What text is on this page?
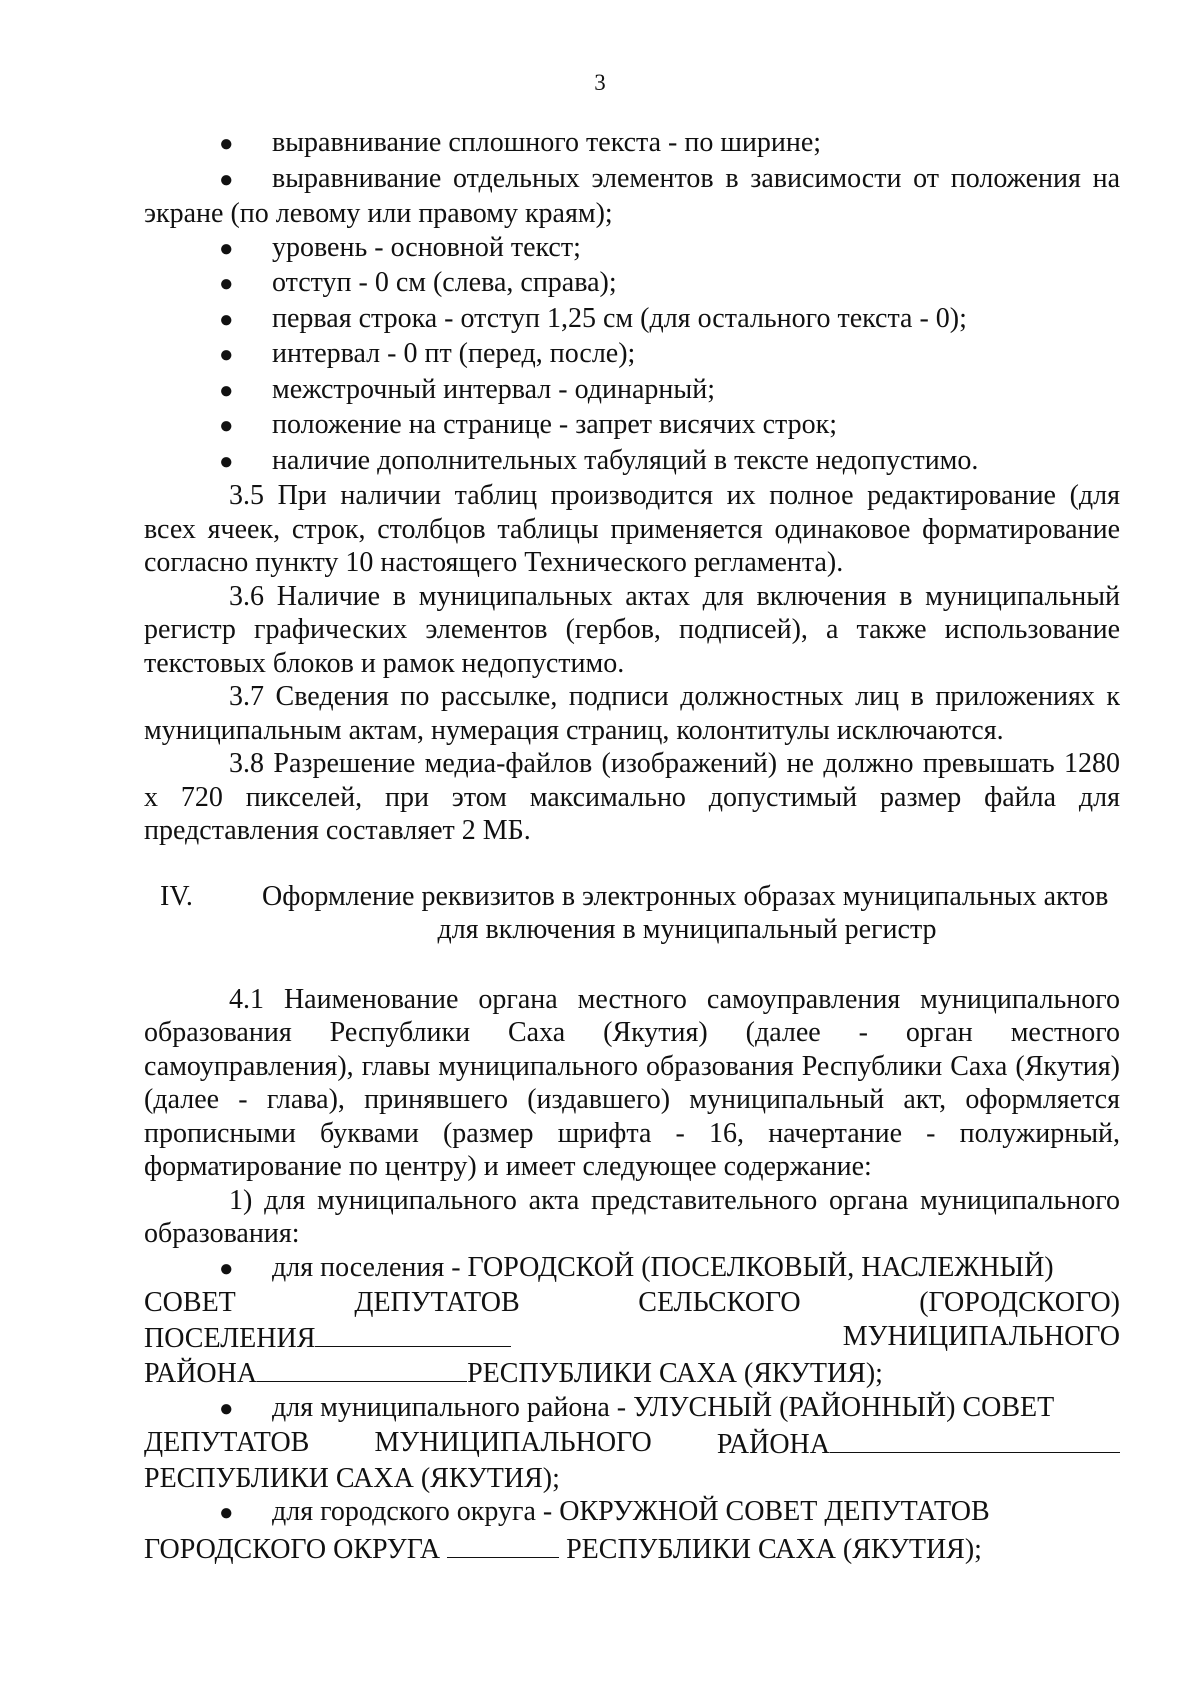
3

● выравнивание сплошного текста - по ширине;

● выравнивание отдельных элементов в зависимости от положения на экране (по левому или правому краям);

● уровень - основной текст;

● отступ - 0 см (слева, справа);

● первая строка - отступ 1,25 см (для остального текста - 0);

● интервал - 0 пт (перед, после);

● межстрочный интервал - одинарный;

● положение на странице - запрет висячих строк;

● наличие дополнительных табуляций в тексте недопустимо.

3.5 При наличии таблиц производится их полное редактирование (для всех ячеек, строк, столбцов таблицы применяется одинаковое форматирование согласно пункту 10 настоящего Технического регламента).

3.6 Наличие в муниципальных актах для включения в муниципальный регистр графических элементов (гербов, подписей), а также использование текстовых блоков и рамок недопустимо.

3.7 Сведения по рассылке, подписи должностных лиц в приложениях к муниципальным актам, нумерация страниц, колонтитулы исключаются.

3.8 Разрешение медиа-файлов (изображений) не должно превышать 1280 х 720 пикселей, при этом максимально допустимый размер файла для представления составляет 2 МБ.

IV.	Оформление реквизитов в электронных образах муниципальных актов
для включения в муниципальный регистр

4.1 Наименование органа местного самоуправления муниципального образования Республики Саха (Якутия) (далее - орган местного самоуправления), главы муниципального образования Республики Саха (Якутия) (далее - глава), принявшего (издавшего) муниципальный акт, оформляется прописными буквами (размер шрифта - 16, начертание - полужирный, форматирование по центру) и имеет следующее содержание:

1) для муниципального акта представительного органа муниципального образования:

● для поселения - ГОРОДСКОЙ (ПОСЕЛКОВЫЙ, НАСЛЕЖНЫЙ)

СОВЕТ	ДЕПУТАТОВ	СЕЛЬСКОГО	(ГОРОДСКОГО)
ПОСЕЛЕНИЯ	МУНИЦИПАЛЬНОГО
РАЙОНА	РЕСПУБЛИКИ САХА (ЯКУТИЯ);

● для муниципального района - УЛУСНЫЙ (РАЙОННЫЙ) СОВЕТ

ДЕПУТАТОВ МУНИЦИПАЛЬНОГО РАЙОНА
РЕСПУБЛИКИ САХА (ЯКУТИЯ);

● для городского округа - ОКРУЖНОЙ СОВЕТ ДЕПУТАТОВ

ГОРОДСКОГО ОКРУГА	РЕСПУБЛИКИ САХА (ЯКУТИЯ);
